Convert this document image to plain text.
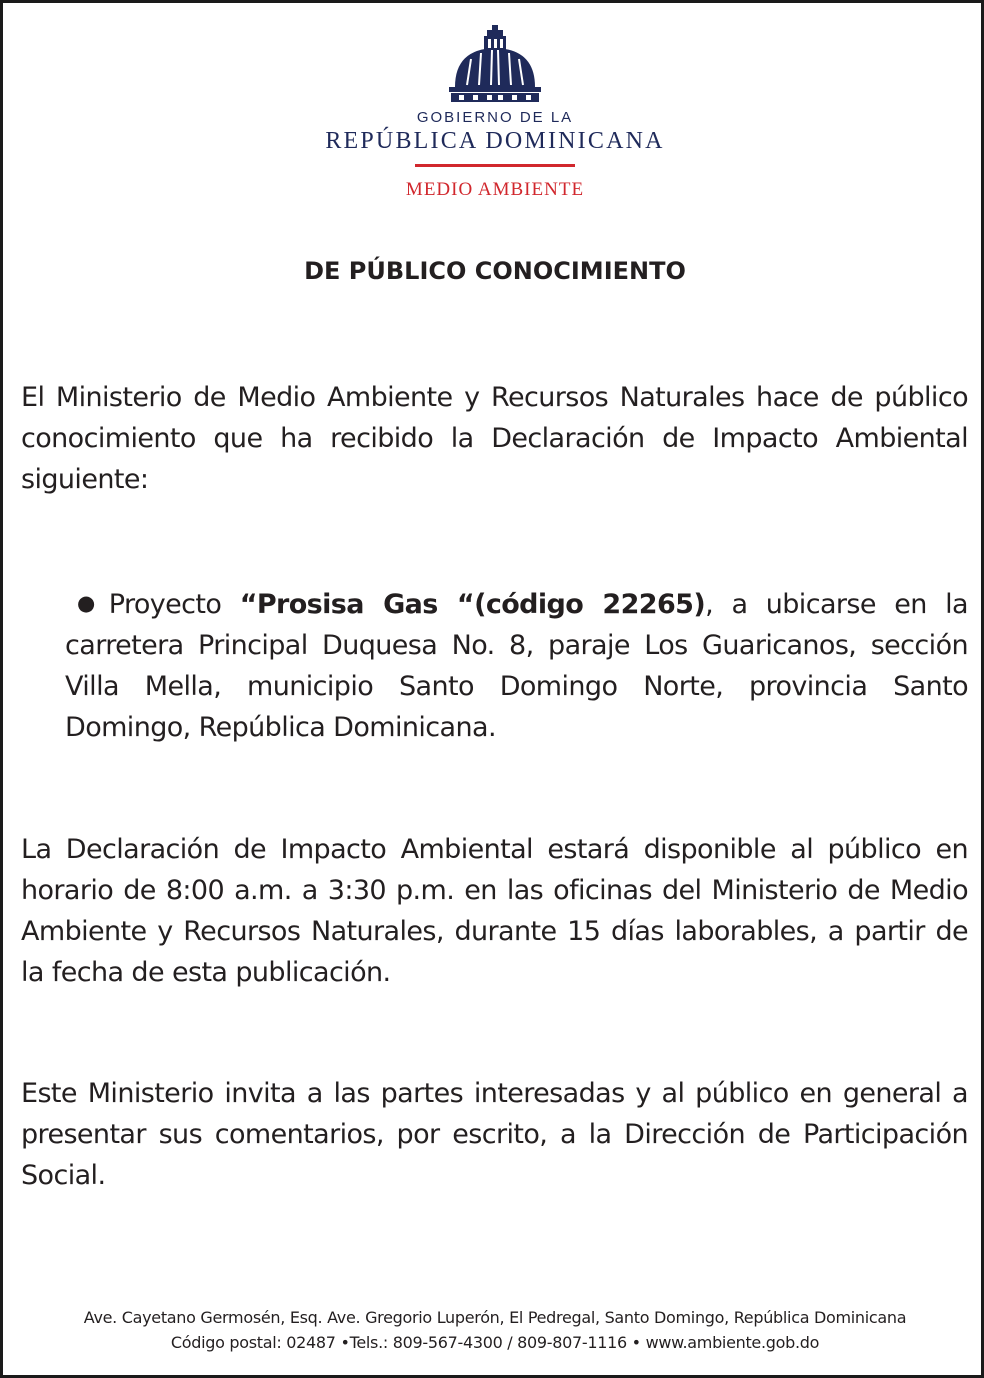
GOBIERNO DE LA
REPÚBLICA DOMINICANA
MEDIO AMBIENTE
DE PÚBLICO CONOCIMIENTO
El Ministerio de Medio Ambiente y Recursos Naturales hace de público conocimiento que ha recibido la Declaración de Impacto Ambiental siguiente:
● Proyecto “Prosisa Gas “(código 22265), a ubicarse en la carretera Principal Duquesa No. 8, paraje Los Guaricanos, sección Villa Mella, municipio Santo Domingo Norte, provincia Santo Domingo, República Dominicana.
La Declaración de Impacto Ambiental estará disponible al público en horario de 8:00 a.m. a 3:30 p.m. en las oficinas del Ministerio de Medio Ambiente y Recursos Naturales, durante 15 días laborables, a partir de la fecha de esta publicación.
Este Ministerio invita a las partes interesadas y al público en general a presentar sus comentarios, por escrito, a la Dirección de Participación Social.
Ave. Cayetano Germosén, Esq. Ave. Gregorio Luperón, El Pedregal, Santo Domingo, República Dominicana
Código postal: 02487 •Tels.: 809-567-4300 / 809-807-1116 • www.ambiente.gob.do
